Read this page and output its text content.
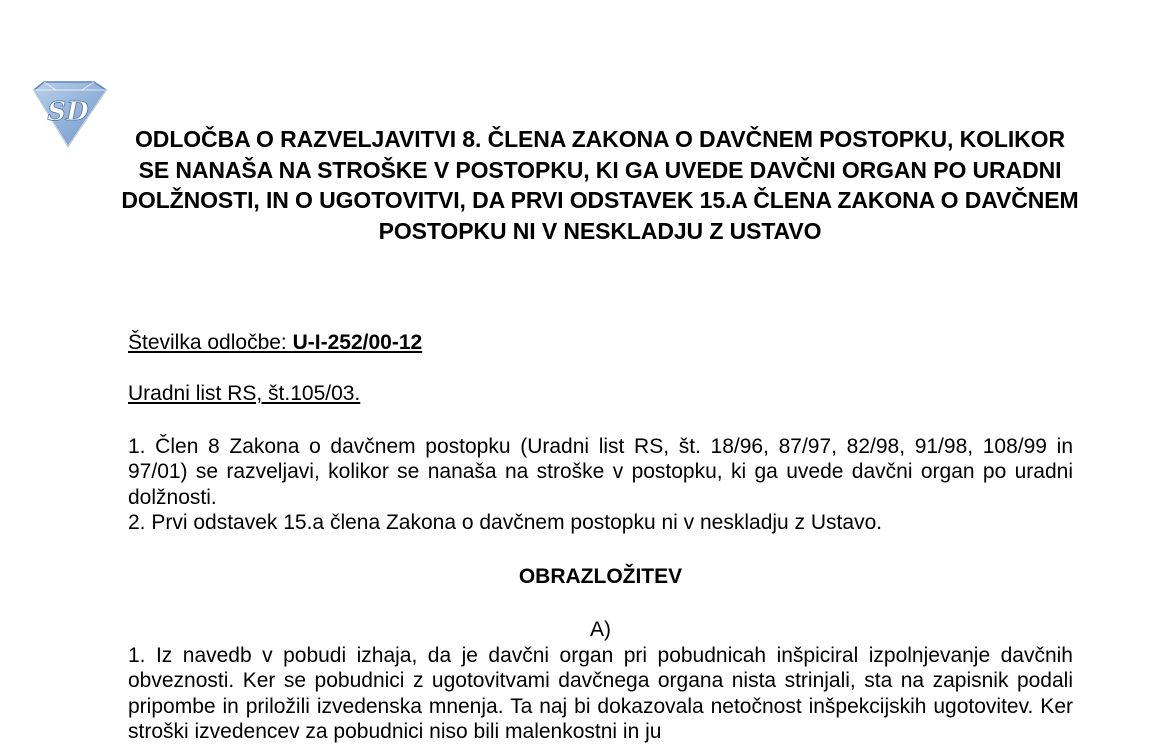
SD
ODLOČBA O RAZVELJAVITVI 8. ČLENA ZAKONA O DAVČNEM POSTOPKU, KOLIKOR SE NANAŠA NA STROŠKE V POSTOPKU, KI GA UVEDE DAVČNI ORGAN PO URADNI DOLŽNOSTI, IN O UGOTOVITVI, DA PRVI ODSTAVEK 15.A ČLENA ZAKONA O DAVČNEM POSTOPKU NI V NESKLADJU Z USTAVO
Številka odločbe: U-I-252/00-12
Uradni list RS, št.105/03.

1. Člen 8 Zakona o davčnem postopku (Uradni list RS, št. 18/96, 87/97, 82/98, 91/98, 108/99 in 97/01) se razveljavi, kolikor se nanaša na stroške v postopku, ki ga uvede davčni organ po uradni dolžnosti.

2. Prvi odstavek 15.a člena Zakona o davčnem postopku ni v neskladju z Ustavo.

OBRAZLOŽITEV
A)

1. Iz navedb v pobudi izhaja, da je davčni organ pri pobudnicah inšpiciral izpolnjevanje davčnih obveznosti. Ker se pobudnici z ugotovitvami davčnega organa nista strinjali, sta na zapisnik podali pripombe in priložili izvedenska mnenja. Ta naj bi dokazovala netočnost inšpekcijskih ugotovitev. Ker stroški izvedencev za pobudnici niso bili malenkostni in ju
